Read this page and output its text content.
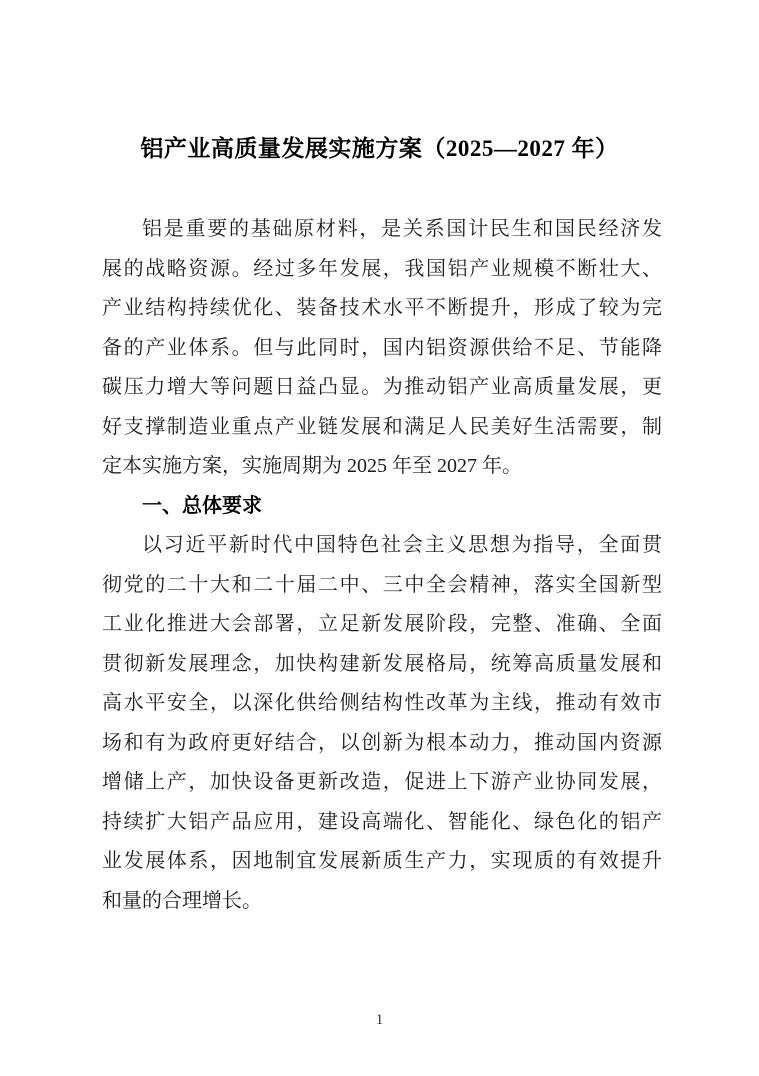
铝产业高质量发展实施方案（2025—2027 年）
铝是重要的基础原材料，是关系国计民生和国民经济发
展的战略资源。经过多年发展，我国铝产业规模不断壮大、
产业结构持续优化、装备技术水平不断提升，形成了较为完
备的产业体系。但与此同时，国内铝资源供给不足、节能降
碳压力增大等问题日益凸显。为推动铝产业高质量发展，更
好支撑制造业重点产业链发展和满足人民美好生活需要，制
定本实施方案，实施周期为 2025 年至 2027 年。
一、总体要求
以习近平新时代中国特色社会主义思想为指导，全面贯
彻党的二十大和二十届二中、三中全会精神，落实全国新型
工业化推进大会部署，立足新发展阶段，完整、准确、全面
贯彻新发展理念，加快构建新发展格局，统筹高质量发展和
高水平安全，以深化供给侧结构性改革为主线，推动有效市
场和有为政府更好结合，以创新为根本动力，推动国内资源
增储上产，加快设备更新改造，促进上下游产业协同发展，
持续扩大铝产品应用，建设高端化、智能化、绿色化的铝产
业发展体系，因地制宜发展新质生产力，实现质的有效提升
和量的合理增长。
1
